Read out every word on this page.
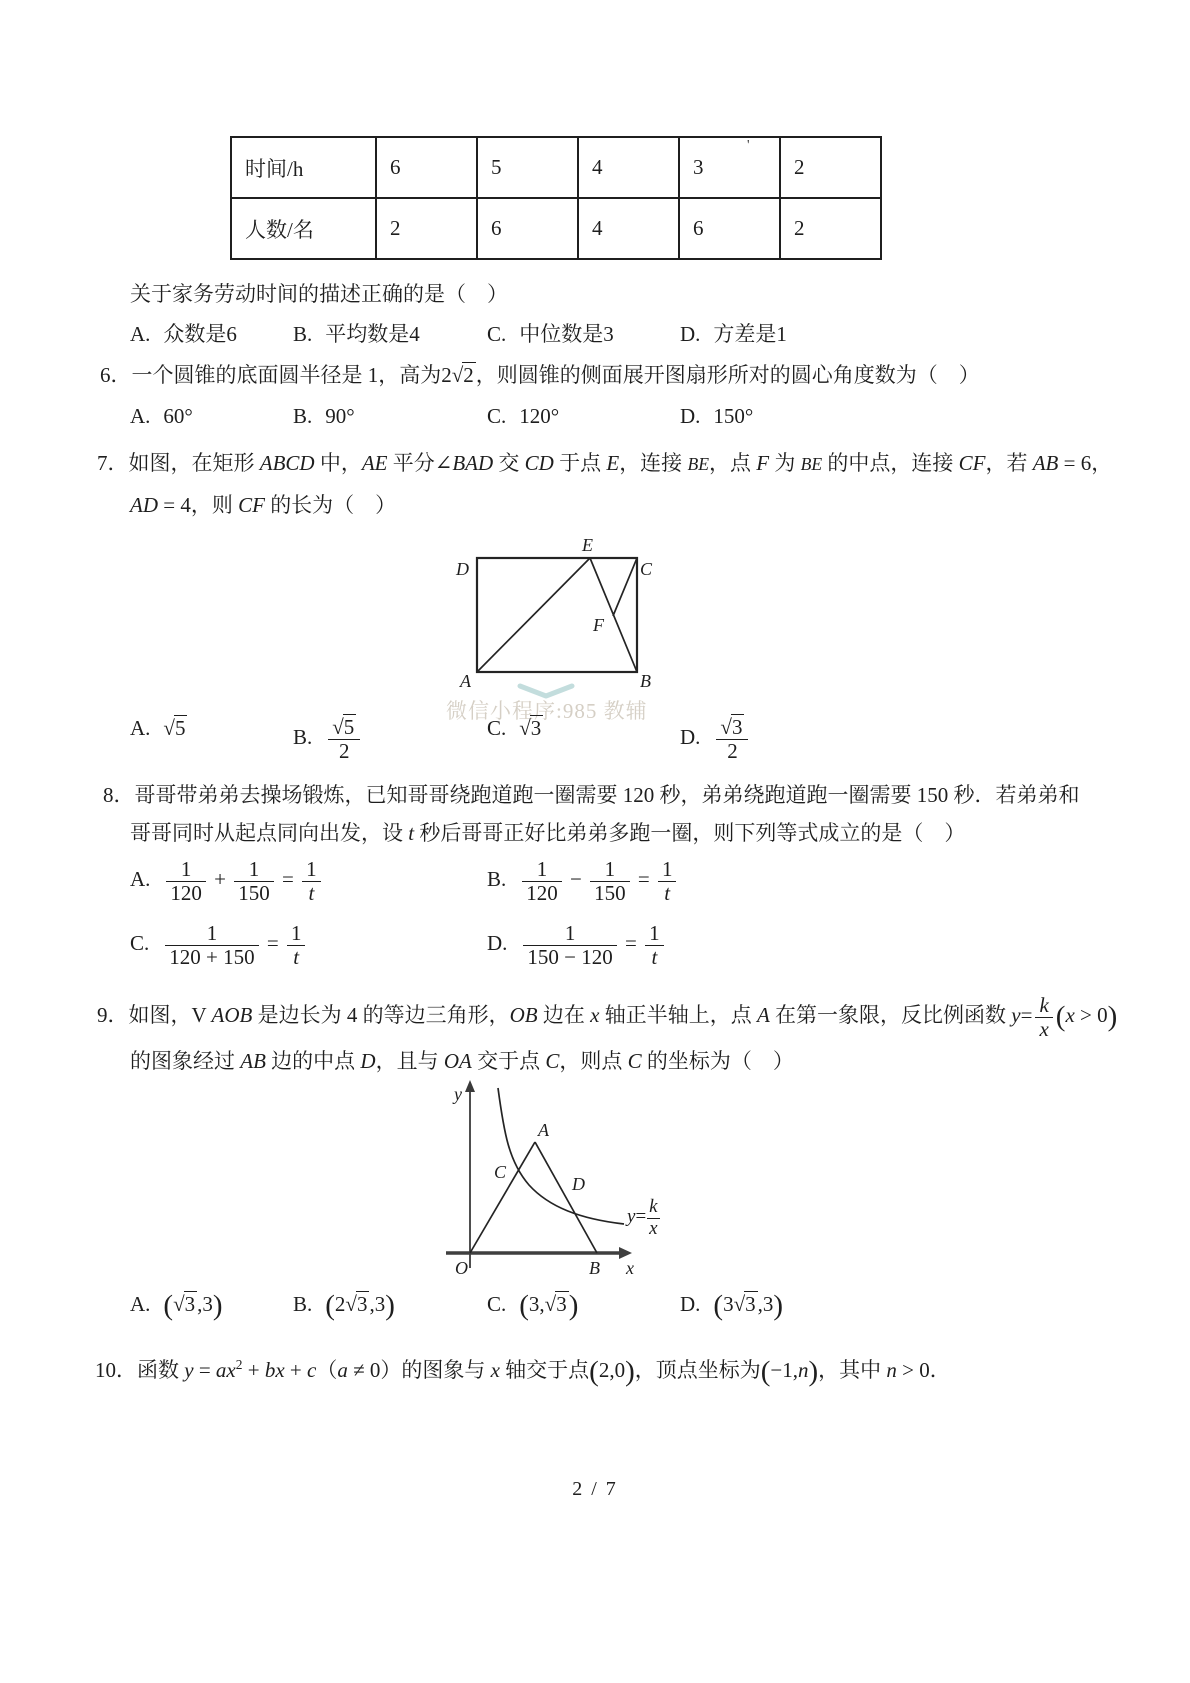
时间/h	6	5	4	3	2
人数/名	2	6	4	6	2
'
关于家务劳动时间的描述正确的是（　）
A. 众数是6	B. 平均数是4	C. 中位数是3	D. 方差是1
6．一个圆锥的底面圆半径是 1，高为2√2，则圆锥的侧面展开图扇形所对的圆心角度数为（　）
A. 60°	B. 90°	C. 120°	D. 150°
7．如图，在矩形 ABCD 中，AE 平分∠BAD 交 CD 于点 E，连接 BE，点 F 为 BE 的中点，连接 CF，若 AB = 6，
AD = 4，则 CF 的长为（　）
D
E
C
F
A	B
微信小程序:985 教辅
A. √5	B. $\frac{√5}{2}$	C. √3	D. $\frac{√3}{2}$
8．哥哥带弟弟去操场锻炼，已知哥哥绕跑道跑一圈需要 120 秒，弟弟绕跑道跑一圈需要 150 秒．若弟弟和
哥哥同时从起点同向出发，设 t 秒后哥哥正好比弟弟多跑一圈，则下列等式成立的是（　）
A. $\frac{1}{120} + \frac{1}{150} = \frac{1}{t}$	B. $\frac{1}{120} - \frac{1}{150} = \frac{1}{t}$
C. $\frac{1}{120 + 150} = \frac{1}{t}$	D. $\frac{1}{150 - 120} = \frac{1}{t}$
9．如图，V AOB 是边长为 4 的等边三角形，OB 边在 x 轴正半轴上，点 A 在第一象限，反比例函数 $y= \frac{k}{x} (x > 0)$
的图象经过 AB 边的中点 D，且与 OA 交于点 C，则点 C 的坐标为（　）
y
x
O
A
B
C
D
$y= \frac{k}{x}$
A. (√3,3)	B. (2√3,3)	C. (3,√3)	D. (3√3,3)
10．函数 $y = ax^2$ + bx + c（a ≠ 0）的图象与 x 轴交于点(2,0)，顶点坐标为(−1,n)，其中 n > 0．
2 / 7
